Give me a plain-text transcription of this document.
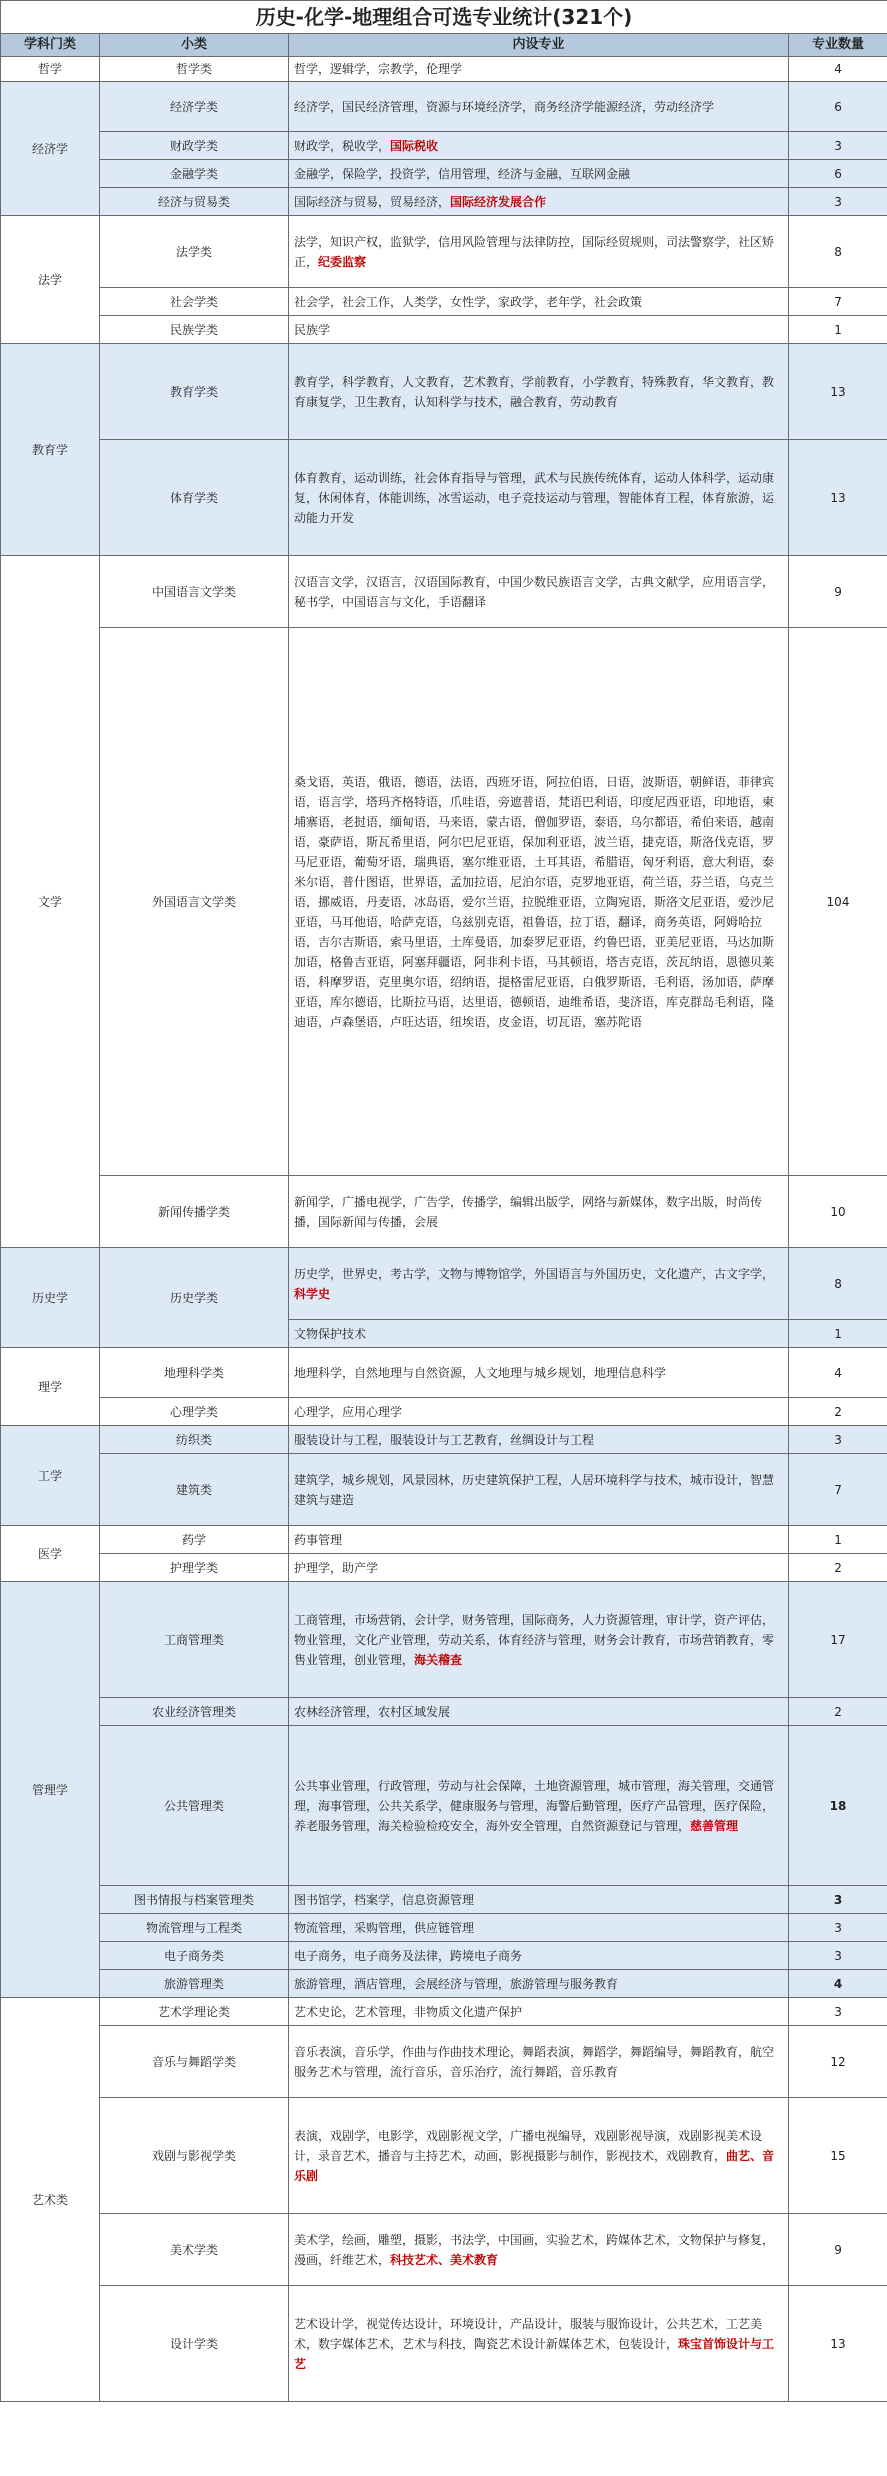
历史-化学-地理组合可选专业统计(321个)			
学科门类	小类	内设专业	专业数量
哲学	哲学类	哲学，逻辑学，宗教学，伦理学	4
经济学	经济学类	经济学，国民经济管理，资源与环境经济学，商务经济学能源经济，劳动经济学	6
	财政学类	财政学，税收学，国际税收	3
	金融学类	金融学，保险学，投资学，信用管理，经济与金融，互联网金融	6
	经济与贸易类	国际经济与贸易，贸易经济，国际经济发展合作	3
法学	法学类	法学，知识产权，监狱学，信用风险管理与法律防控，国际经贸规则，司法警察学，社区矫正，纪委监察	8
	社会学类	社会学，社会工作，人类学，女性学，家政学，老年学，社会政策	7
	民族学类	民族学	1
教育学	教育学类	教育学，科学教育，人文教育，艺术教育，学前教育，小学教育，特殊教育，华文教育，教育康复学，卫生教育，认知科学与技术，融合教育，劳动教育	13
	体育学类	体育教育，运动训练，社会体育指导与管理，武术与民族传统体育，运动人体科学，运动康复，休闲体育，体能训练，冰雪运动，电子竞技运动与管理，智能体育工程，体育旅游，运动能力开发	13
文学	中国语言文学类	汉语言文学，汉语言，汉语国际教育，中国少数民族语言文学，古典文献学，应用语言学，秘书学，中国语言与文化，手语翻译	9
	外国语言文学类	桑戈语，英语，俄语，德语，法语，西班牙语，阿拉伯语，日语，波斯语，朝鲜语，菲律宾语，语言学，塔玛齐格特语，爪哇语，旁遮普语，梵语巴利语，印度尼西亚语，印地语，柬埔寨语，老挝语，缅甸语，马来语，蒙古语，僧伽罗语，泰语，乌尔都语，希伯来语，越南语，豪萨语，斯瓦希里语，阿尔巴尼亚语，保加利亚语，波兰语，捷克语，斯洛伐克语，罗马尼亚语，葡萄牙语，瑞典语，塞尔维亚语，土耳其语，希腊语，匈牙利语，意大利语，泰米尔语，普什图语，世界语，孟加拉语，尼泊尔语，克罗地亚语，荷兰语，芬兰语，乌克兰语，挪威语，丹麦语，冰岛语，爱尔兰语，拉脱维亚语，立陶宛语，斯洛文尼亚语，爱沙尼亚语，马耳他语，哈萨克语，乌兹别克语，祖鲁语，拉丁语，翻译，商务英语，阿姆哈拉语，吉尔吉斯语，索马里语，土库曼语，加泰罗尼亚语，约鲁巴语，亚美尼亚语，马达加斯加语，格鲁吉亚语，阿塞拜疆语，阿非利卡语，马其顿语，塔吉克语，茨瓦纳语，恩德贝莱语，科摩罗语，克里奥尔语，绍纳语，提格雷尼亚语，白俄罗斯语，毛利语，汤加语，萨摩亚语，库尔德语，比斯拉马语，达里语，德顿语，迪维希语，斐济语，库克群岛毛利语，隆迪语，卢森堡语，卢旺达语，纽埃语，皮金语，切瓦语，塞苏陀语	104
	新闻传播学类	新闻学，广播电视学，广告学，传播学，编辑出版学，网络与新媒体，数字出版，时尚传播，国际新闻与传播，会展	10
历史学	历史学类	历史学，世界史，考古学，文物与博物馆学，外国语言与外国历史，文化遗产，古文字学，科学史	8
		文物保护技术	1
理学	地理科学类	地理科学，自然地理与自然资源，人文地理与城乡规划，地理信息科学	4
	心理学类	心理学，应用心理学	2
工学	纺织类	服装设计与工程，服装设计与工艺教育，丝绸设计与工程	3
	建筑类	建筑学，城乡规划，风景园林，历史建筑保护工程，人居环境科学与技术，城市设计，智慧建筑与建造	7
医学	药学	药事管理	1
	护理学类	护理学，助产学	2
管理学	工商管理类	工商管理，市场营销，会计学，财务管理，国际商务，人力资源管理，审计学，资产评估，物业管理，文化产业管理，劳动关系，体育经济与管理，财务会计教育，市场营销教育，零售业管理，创业管理，海关稽查	17
	农业经济管理类	农林经济管理，农村区域发展	2
	公共管理类	公共事业管理，行政管理，劳动与社会保障，土地资源管理，城市管理，海关管理，交通管理，海事管理，公共关系学，健康服务与管理，海警后勤管理，医疗产品管理，医疗保险，养老服务管理，海关检验检疫安全，海外安全管理，自然资源登记与管理，慈善管理	18
	图书情报与档案管理类	图书馆学，档案学，信息资源管理	3
	物流管理与工程类	物流管理，采购管理，供应链管理	3
	电子商务类	电子商务，电子商务及法律，跨境电子商务	3
	旅游管理类	旅游管理，酒店管理，会展经济与管理，旅游管理与服务教育	4
艺术类	艺术学理论类	艺术史论，艺术管理，非物质文化遗产保护	3
	音乐与舞蹈学类	音乐表演，音乐学，作曲与作曲技术理论，舞蹈表演，舞蹈学，舞蹈编导，舞蹈教育，航空服务艺术与管理，流行音乐，音乐治疗，流行舞蹈，音乐教育	12
	戏剧与影视学类	表演，戏剧学，电影学，戏剧影视文学，广播电视编导，戏剧影视导演，戏剧影视美术设计，录音艺术，播音与主持艺术，动画，影视摄影与制作，影视技术，戏剧教育，曲艺、音乐剧	15
	美术学类	美术学，绘画，雕塑，摄影，书法学，中国画，实验艺术，跨媒体艺术，文物保护与修复，漫画，纤维艺术，科技艺术、美术教育	9
	设计学类	艺术设计学，视觉传达设计，环境设计，产品设计，服装与服饰设计，公共艺术，工艺美术，数字媒体艺术，艺术与科技，陶瓷艺术设计新媒体艺术，包装设计，珠宝首饰设计与工艺	13
